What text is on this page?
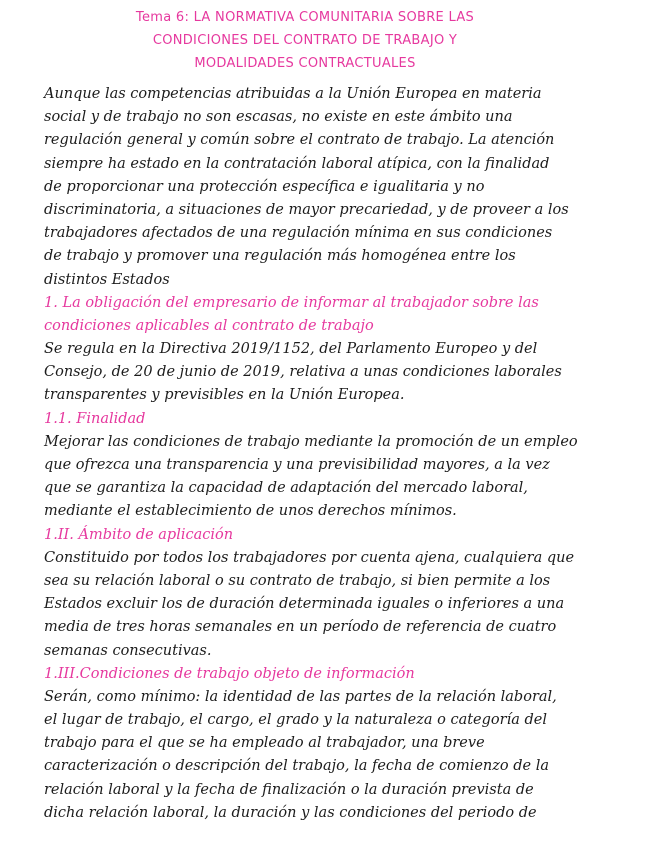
Tema 6: LA NORMATIVA COMUNITARIA SOBRE LAS
CONDICIONES DEL CONTRATO DE TRABAJO Y
MODALIDADES CONTRACTUALES
Aunque las competencias atribuidas a la Unión Europea en materia
social y de trabajo no son escasas, no existe en este ámbito una
regulación general y común sobre el contrato de trabajo. La atención
siempre ha estado en la contratación laboral atípica, con la finalidad
de proporcionar una protección específica e igualitaria y no
discriminatoria, a situaciones de mayor precariedad, y de proveer a los
trabajadores afectados de una regulación mínima en sus condiciones
de trabajo y promover una regulación más homogénea entre los
distintos Estados
1. La obligación del empresario de informar al trabajador sobre las
condiciones aplicables al contrato de trabajo
Se regula en la Directiva 2019/1152, del Parlamento Europeo y del
Consejo, de 20 de junio de 2019, relativa a unas condiciones laborales
transparentes y previsibles en la Unión Europea.
1.1. Finalidad
Mejorar las condiciones de trabajo mediante la promoción de un empleo
que ofrezca una transparencia y una previsibilidad mayores, a la vez
que se garantiza la capacidad de adaptación del mercado laboral,
mediante el establecimiento de unos derechos mínimos.
1.II. Ámbito de aplicación
Constituido por todos los trabajadores por cuenta ajena, cualquiera que
sea su relación laboral o su contrato de trabajo, si bien permite a los
Estados excluir los de duración determinada iguales o inferiores a una
media de tres horas semanales en un período de referencia de cuatro
semanas consecutivas.
1.III.Condiciones de trabajo objeto de información
Serán, como mínimo: la identidad de las partes de la relación laboral,
el lugar de trabajo, el cargo, el grado y la naturaleza o categoría del
trabajo para el que se ha empleado al trabajador, una breve
caracterización o descripción del trabajo, la fecha de comienzo de la
relación laboral y la fecha de finalización o la duración prevista de
dicha relación laboral, la duración y las condiciones del periodo de
